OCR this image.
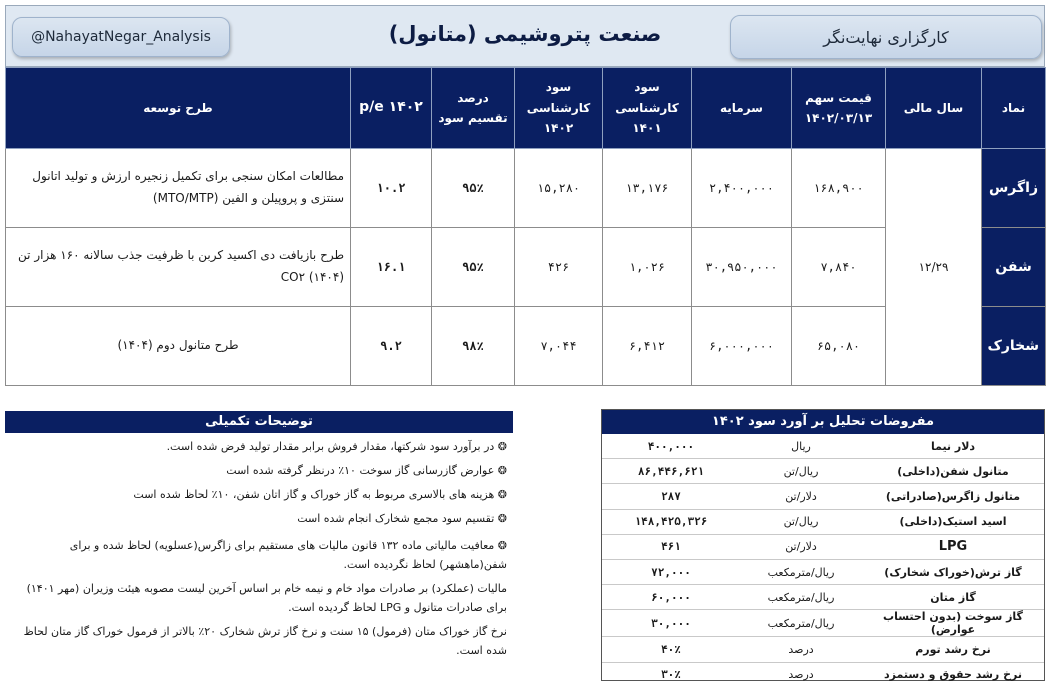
@NahayatNegar_Analysis	صنعت پتروشیمی (متانول)	کارگزاری نهایت‌نگر
نماد	سال مالی	قیمت سهم ۱۴۰۲/۰۳/۱۳	سرمایه	سود کارشناسی ۱۴۰۱	سود کارشناسی ۱۴۰۲	درصد تقسیم سود	p/e ۱۴۰۲	طرح توسعه
زاگرس	۱۲/۲۹	۱۶۸,۹۰۰	۲,۴۰۰,۰۰۰	۱۳,۱۷۶	۱۵,۲۸۰	۹۵٪	۱۰.۲	مطالعات امکان سنجی برای تکمیل زنجیره ارزش و تولید اتانول سنتزی و پروپیلن و الفین (MTO/MTP)
شفن		۷,۸۴۰	۳۰,۹۵۰,۰۰۰	۱,۰۲۶	۴۲۶	۹۵٪	۱۶.۱	طرح بازیافت دی اکسید کربن با ظرفیت جذب سالانه ۱۶۰ هزار تن CO۲ (۱۴۰۴)
شخارک		۶۵,۰۸۰	۶,۰۰۰,۰۰۰	۶,۴۱۲	۷,۰۴۴	۹۸٪	۹.۲	طرح متانول دوم (۱۴۰۴)
توضیحات تکمیلی
❂ در برآورد سود شرکتها، مقدار فروش برابر مقدار تولید فرض شده است.
❂ عوارض گازرسانی گاز سوخت ۱۰٪ درنظر گرفته شده است
❂ هزینه های بالاسری مربوط به گاز خوراک و گاز اتان شفن، ۱۰٪ لحاظ شده است
❂ تقسیم سود مجمع شخارک انجام شده است
❂ معافیت مالیاتی ماده ۱۳۲ قانون مالیات های مستقیم برای زاگرس(عسلویه) لحاظ شده و برای شفن(ماهشهر) لحاظ نگردیده است.
مالیات (عملکرد) بر صادرات مواد خام و نیمه خام بر اساس آخرین لیست مصوبه هیئت وزیران (مهر ۱۴۰۱) برای صادرات متانول و LPG لحاظ گردیده است.
نرخ گاز خوراک متان (فرمول) ۱۵ سنت و نرخ گاز ترش شخارک ۲۰٪ بالاتر از فرمول خوراک گاز متان لحاظ شده است.
مفروضات تحلیل بر آورد سود ۱۴۰۲
دلار نیما	ریال	۴۰۰,۰۰۰
متانول شفن(داخلی)	ریال/تن	۸۶,۴۴۶,۶۲۱
متانول زاگرس(صادراتی)	دلار/تن	۲۸۷
اسید استیک(داخلی)	ریال/تن	۱۴۸,۴۲۵,۳۲۶
LPG	دلار/تن	۴۶۱
گاز ترش(خوراک شخارک)	ریال/مترمکعب	۷۲,۰۰۰
گاز متان	ریال/مترمکعب	۶۰,۰۰۰
گاز سوخت (بدون احتساب عوارض)	ریال/مترمکعب	۳۰,۰۰۰
نرخ رشد تورم	درصد	۴۰٪
نرخ رشد حقوق و دستمزد	درصد	۳۰٪
